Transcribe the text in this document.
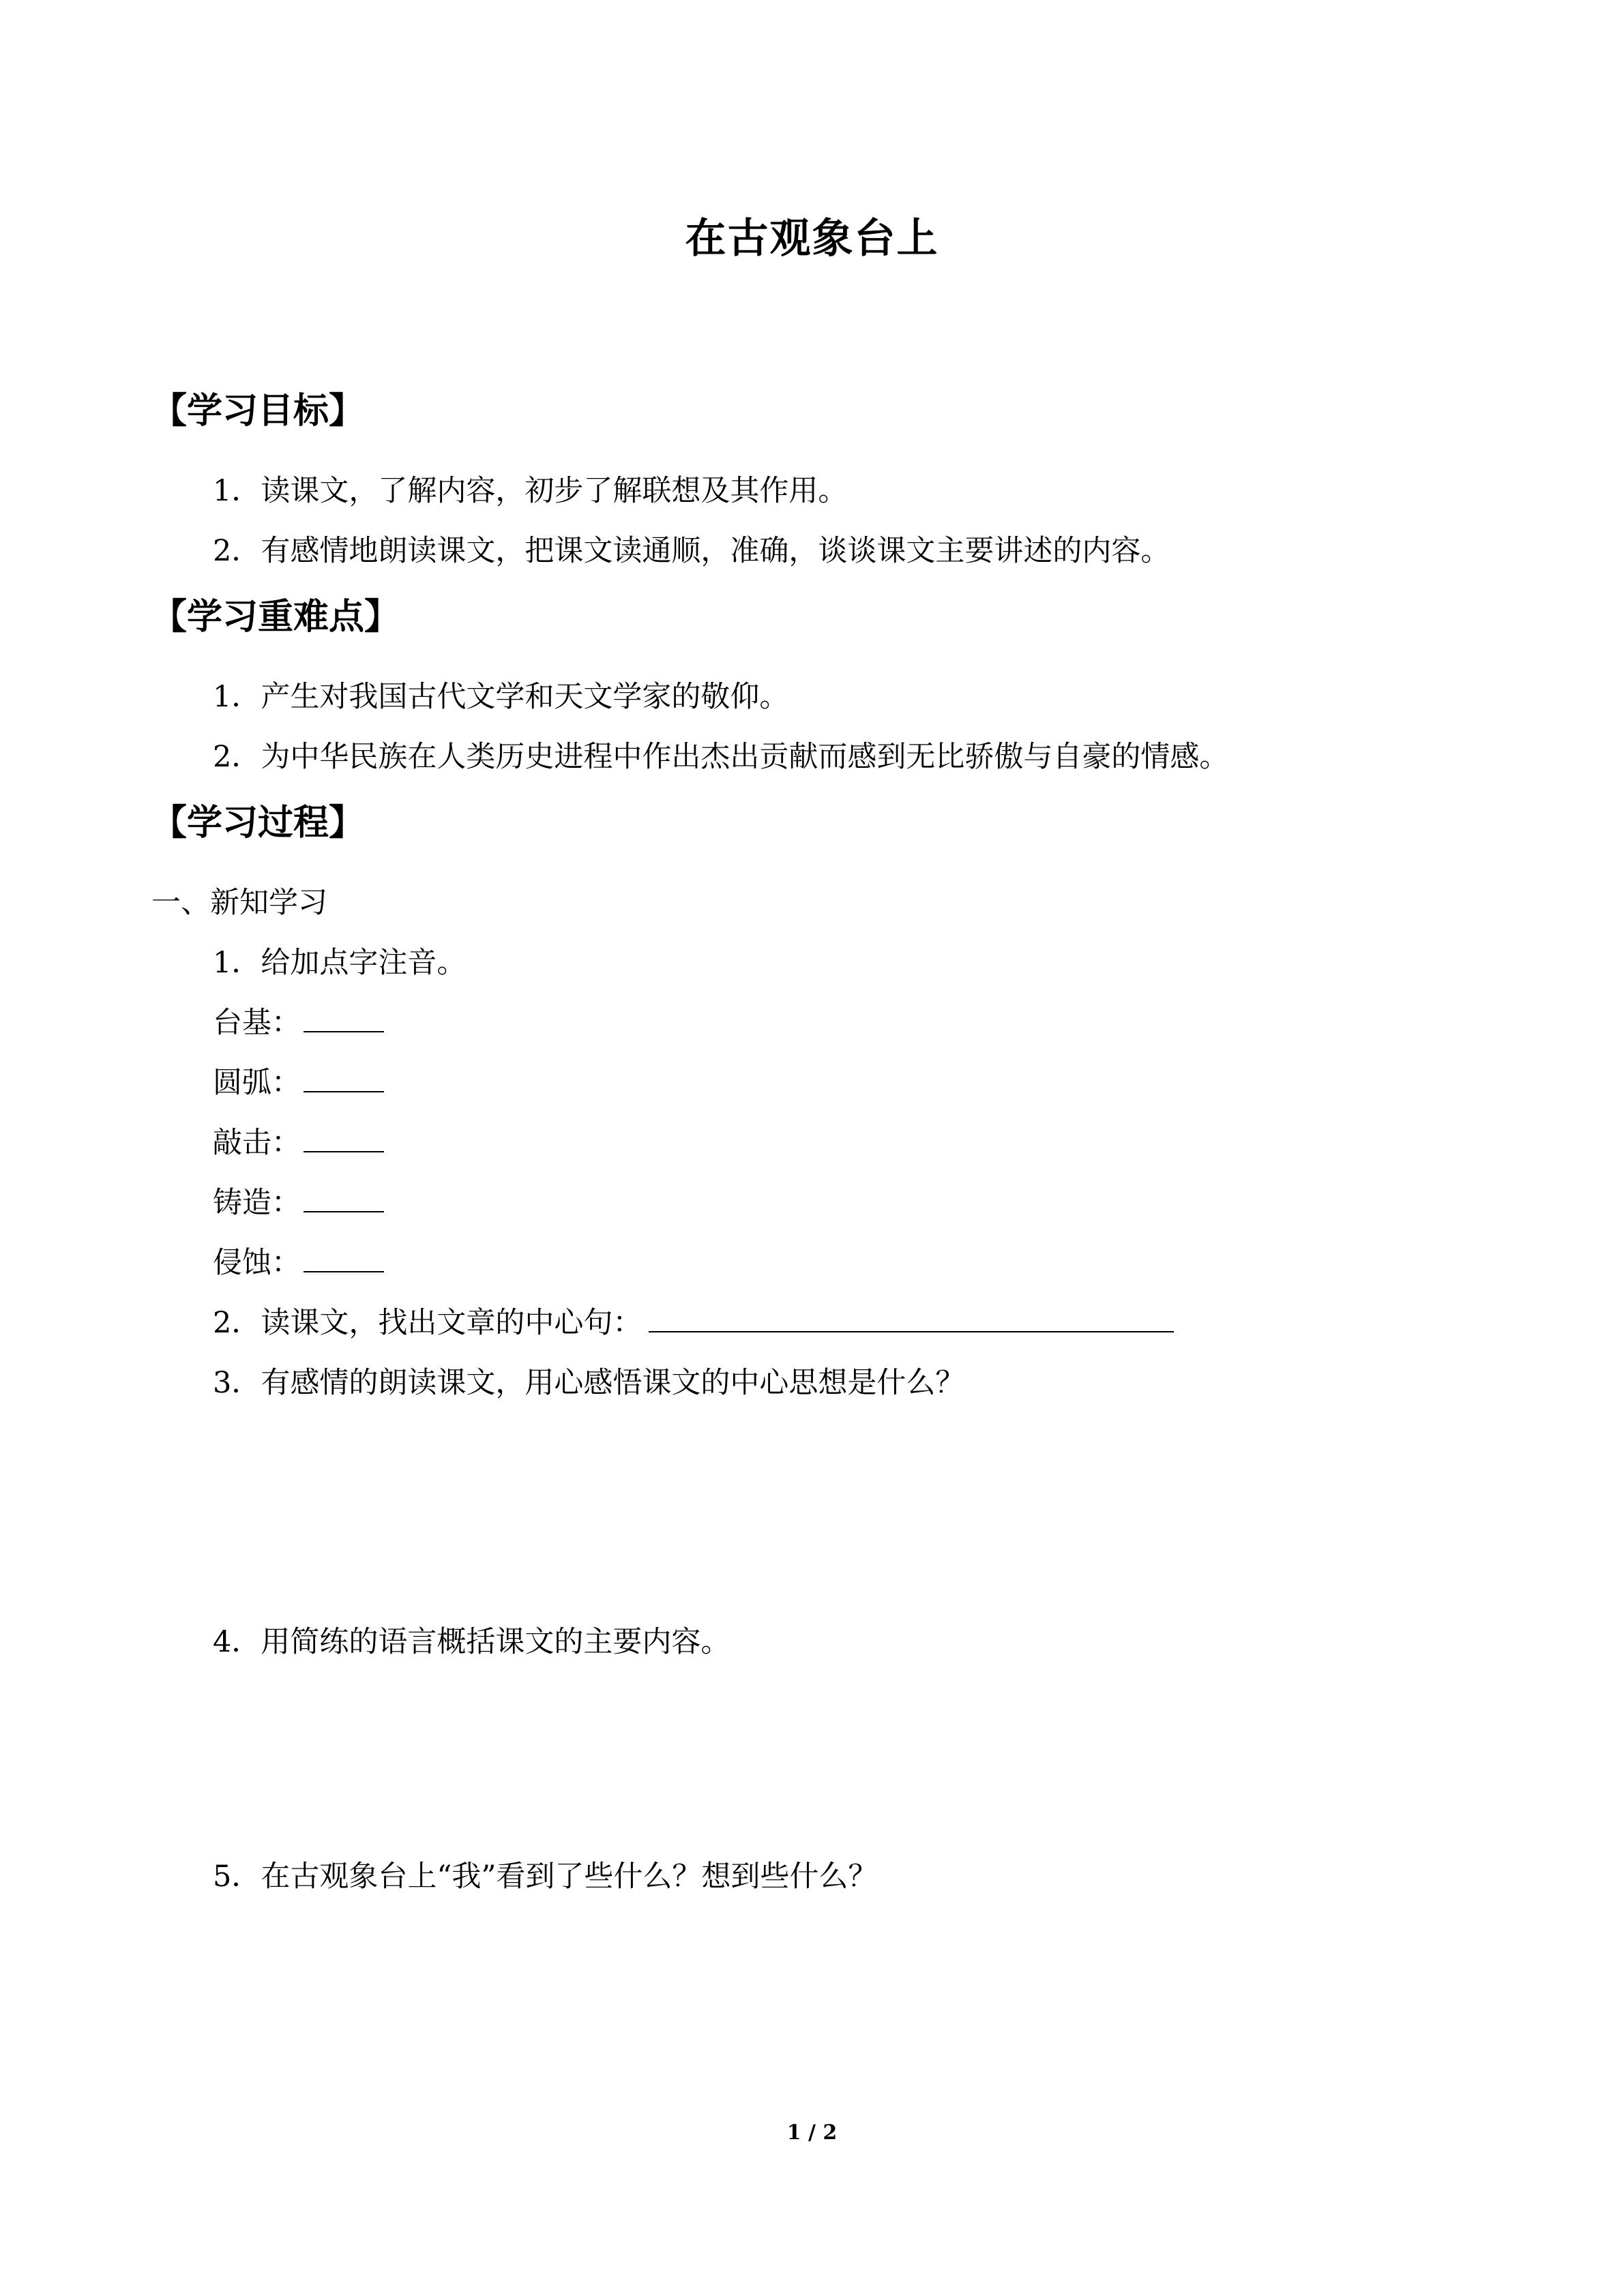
在古观象台上
【学习目标】
1．读课文，了解内容，初步了解联想及其作用。
2．有感情地朗读课文，把课文读通顺，准确，谈谈课文主要讲述的内容。
【学习重难点】
1．产生对我国古代文学和天文学家的敬仰。
2．为中华民族在人类历史进程中作出杰出贡献而感到无比骄傲与自豪的情感。
【学习过程】
一、新知学习
1．给加点字注音。
台基：
圆弧：
敲击：
铸造：
侵蚀：
2．读课文，找出文章的中心句：
3．有感情的朗读课文，用心感悟课文的中心思想是什么？
4．用简练的语言概括课文的主要内容。
5．在古观象台上“我”看到了些什么？想到些什么？
1 / 2
